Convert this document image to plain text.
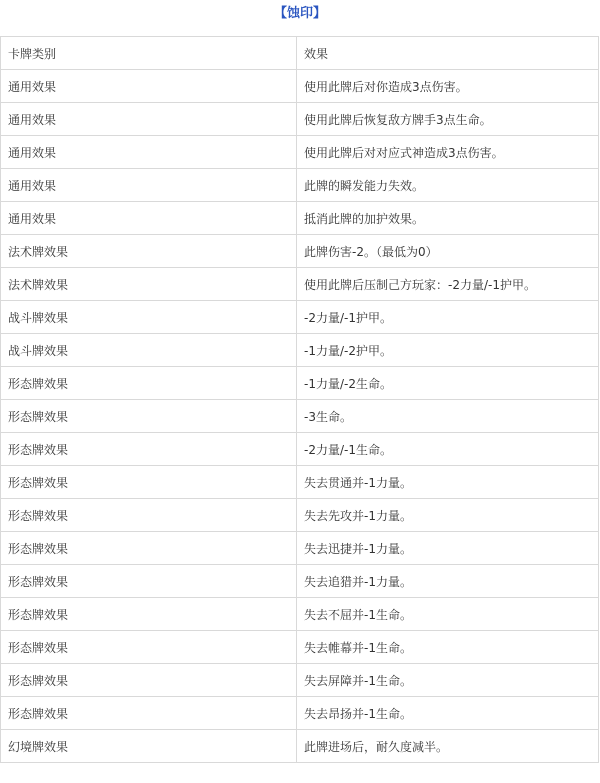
【蚀印】
卡牌类别	效果
通用效果	使用此牌后对你造成3点伤害。
通用效果	使用此牌后恢复敌方牌手3点生命。
通用效果	使用此牌后对对应式神造成3点伤害。
通用效果	此牌的瞬发能力失效。
通用效果	抵消此牌的加护效果。
法术牌效果	此牌伤害-2。（最低为0）
法术牌效果	使用此牌后压制己方玩家：-2力量/-1护甲。
战斗牌效果	-2力量/-1护甲。
战斗牌效果	-1力量/-2护甲。
形态牌效果	-1力量/-2生命。
形态牌效果	-3生命。
形态牌效果	-2力量/-1生命。
形态牌效果	失去贯通并-1力量。
形态牌效果	失去先攻并-1力量。
形态牌效果	失去迅捷并-1力量。
形态牌效果	失去追猎并-1力量。
形态牌效果	失去不屈并-1生命。
形态牌效果	失去帷幕并-1生命。
形态牌效果	失去屏障并-1生命。
形态牌效果	失去昂扬并-1生命。
幻境牌效果	此牌进场后，耐久度减半。
